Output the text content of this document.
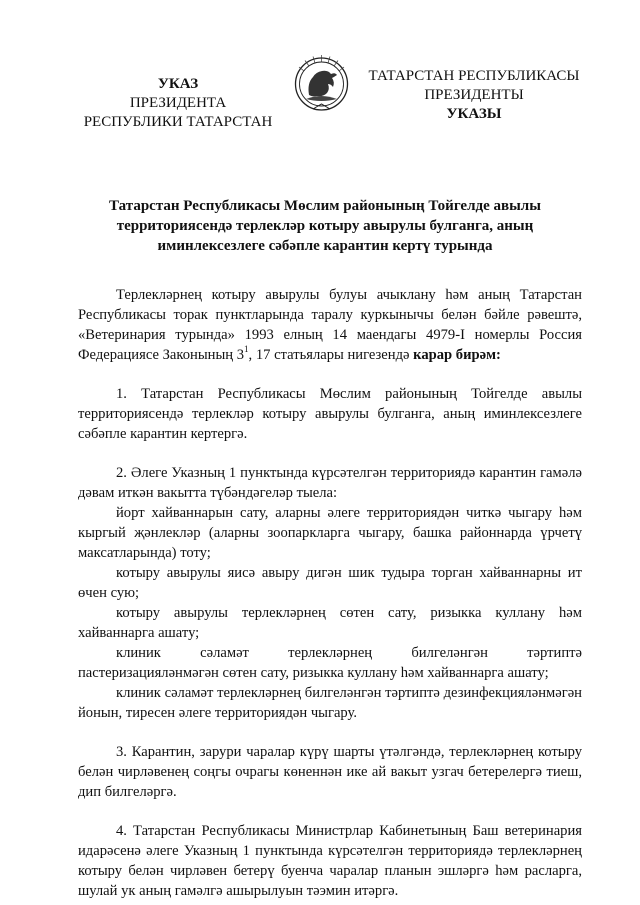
УКАЗ
ПРЕЗИДЕНТА
РЕСПУБЛИКИ ТАТАРСТАН
ТАТАРСТАН РЕСПУБЛИКАСЫ
ПРЕЗИДЕНТЫ
УКАЗЫ
Татарстан Республикасы Мөслим районының Тойгелде авылы территориясендә терлекләр котыру авырулы булганга, аның иминлексезлеге сәбәпле карантин кертү турында

Терлекләрнең котыру авырулы булуы ачыклану һәм аның Татарстан Республикасы торак пунктларында таралу куркынычы белән бәйле рәвештә, «Ветеринария турында» 1993 елның 14 маендагы 4979-I номерлы Россия Федерациясе Законының $3^1$, 17 статьялары нигезендә карар бирәм:

1. Татарстан Республикасы Мөслим районының Тойгелде авылы территориясендә терлекләр котыру авырулы булганга, аның иминлексезлеге сәбәпле карантин кертергә.

2. Әлеге Указның 1 пунктында күрсәтелгән территориядә карантин гамәлә дәвам иткән вакытта түбәндәгеләр тыела:

йорт хайваннарын сату, аларны әлеге территориядән читкә чыгару һәм кыргый җәнлекләр (аларны зоопаркларга чыгару, башка районнарда үрчетү максатларында) тоту;

котыру авырулы яисә авыру дигән шик тудыра торган хайваннарны ит өчен сую;

котыру авырулы терлекләрнең сөтен сату, ризыкка куллану һәм хайваннарга ашату;

клиник сәламәт терлекләрнең билгеләнгән тәртиптә пастеризацияләнмәгән сөтен сату, ризыкка куллану һәм хайваннарга ашату;

клиник сәламәт терлекләрнең билгеләнгән тәртиптә дезинфекцияләнмәгән йонын, тиресен әлеге территориядән чыгару.

3. Карантин, зарури чаралар күрү шарты үтәлгәндә, терлекләрнең котыру белән чирләвенең соңгы очрагы көненнән ике ай вакыт узгач бетерелергә тиеш, дип билгеләргә.

4. Татарстан Республикасы Министрлар Кабинетының Баш ветеринария идарәсенә әлеге Указның 1 пунктында күрсәтелгән территориядә терлекләрнең котыру белән чирләвен бетерү буенча чаралар планын эшләргә һәм расларга, шулай ук аның гамәлгә ашырылуын тәэмин итәргә.
